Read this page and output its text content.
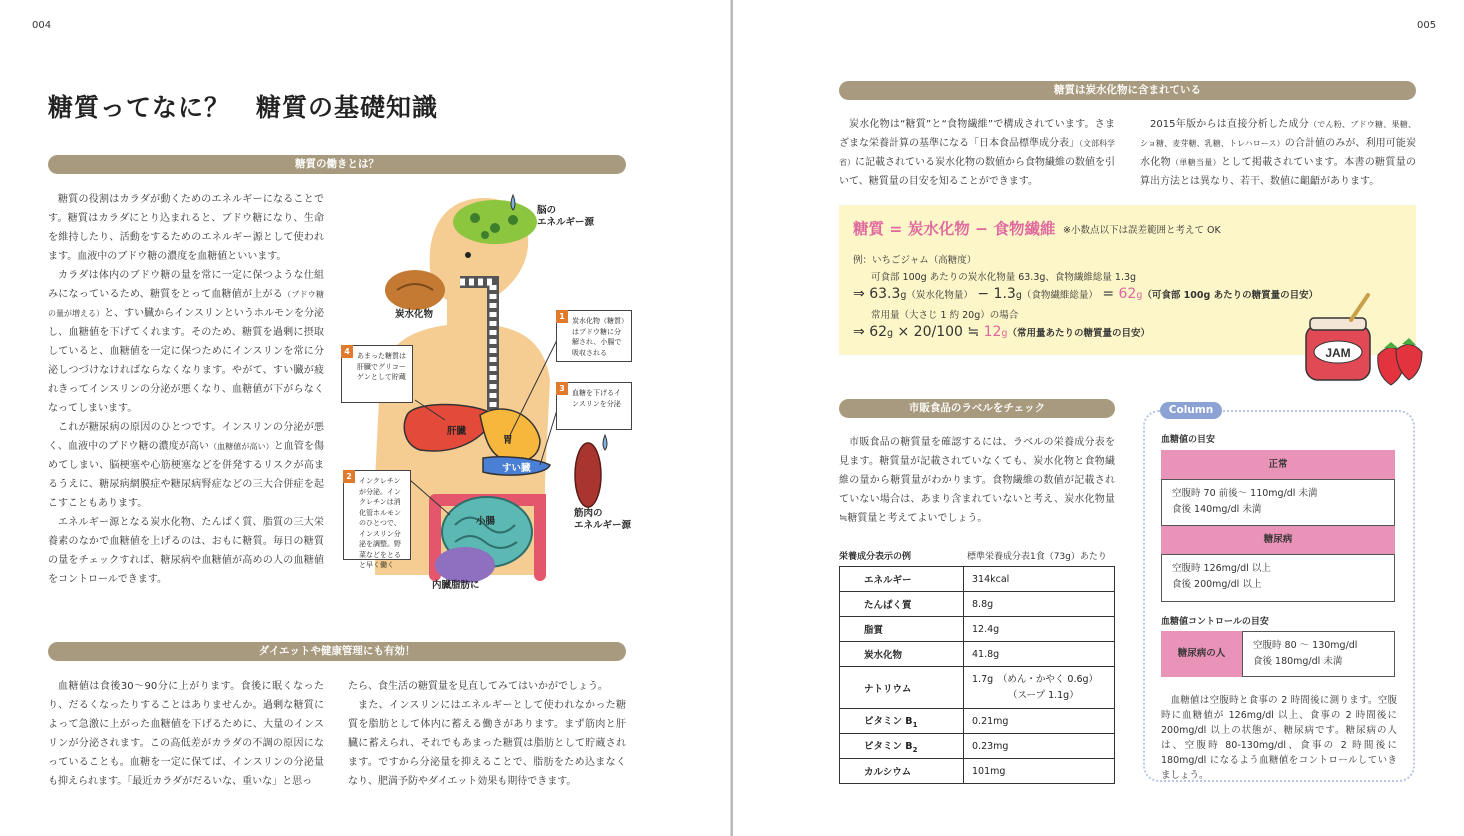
004
糖質ってなに？　糖質の基礎知識
糖質の働きとは？

糖質の役割はカラダが動くためのエネルギーになることです。糖質はカラダにとり込まれると、ブドウ糖になり、生命を維持したり、活動をするためのエネルギー源として使われます。血液中のブドウ糖の濃度を血糖値といいます。

カラダは体内のブドウ糖の量を常に一定に保つような仕組みになっているため、糖質をとって血糖値が上がる（ブドウ糖の量が増える）と、すい臓からインスリンというホルモンを分泌し、血糖値を下げてくれます。そのため、糖質を過剰に摂取していると、血糖値を一定に保つためにインスリンを常に分泌しつづけなければならなくなります。やがて、すい臓が疲れきってインスリンの分泌が悪くなり、血糖値が下がらなくなってしまいます。

これが糖尿病の原因のひとつです。インスリンの分泌が悪く、血液中のブドウ糖の濃度が高い（血糖値が高い）と血管を傷めてしまい、脳梗塞や心筋梗塞などを併発するリスクが高まるうえに、糖尿病網膜症や糖尿病腎症などの三大合併症を起こすこともあります。

エネルギー源となる炭水化物、たんぱく質、脂質の三大栄養素のなかで血糖値を上げるのは、おもに糖質。毎日の糖質の量をチェックすれば、糖尿病や血糖値が高めの人の血糖値をコントロールできます。

脳の
エネルギー源
炭水化物
肝臓
胃
すい臓
小腸
筋肉の
エネルギー源
内臓脂肪に
1	炭水化物（糖質）はブドウ糖に分解され、小腸で吸収される
2	インクレチンが分泌。インクレチンは消化管ホルモンのひとつで、インスリン分泌を調整。野菜などをとると早く働く
3	血糖を下げるインスリンを分泌
4	あまった糖質は肝臓でグリコーゲンとして貯蔵
ダイエットや健康管理にも有効！

血糖値は食後30〜90分に上がります。食後に眠くなったり、だるくなったりすることはありませんか。過剰な糖質によって急激に上がった血糖値を下げるために、大量のインスリンが分泌されます。この高低差がカラダの不調の原因になっていることも。血糖を一定に保てば、インスリンの分泌量も抑えられます。「最近カラダがだるいな、重いな」と思っ

たら、食生活の糖質量を見直してみてはいかがでしょう。

また、インスリンにはエネルギーとして使われなかった糖質を脂肪として体内に蓄える働きがあります。まず筋肉と肝臓に蓄えられ、それでもあまった糖質は脂肪として貯蔵されます。ですから分泌量を抑えることで、脂肪をため込まなくなり、肥満予防やダイエット効果も期待できます。

005
糖質は炭水化物に含まれている

炭水化物は“糖質”と“食物繊維”で構成されています。さまざまな栄養計算の基準になる「日本食品標準成分表」（文部科学省）に記載されている炭水化物の数値から食物繊維の数値を引いて、糖質量の目安を知ることができます。

2015年版からは直接分析した成分（でん粉、ブドウ糖、果糖、ショ糖、麦芽糖、乳糖、トレハロース）の合計値のみが、利用可能炭水化物（単糖当量）として掲載されています。本書の糖質量の算出方法とは異なり、若干、数値に齟齬があります。

糖質 = 炭水化物 − 食物繊維 ※小数点以下は誤差範囲と考えて OK
例：いちごジャム（高糖度）
可食部 100g あたりの炭水化物量 63.3g、食物繊維総量 1.3g
⇒ 63.3g（炭水化物量） − 1.3g（食物繊維総量） = 62g（可食部 100g あたりの糖質量の目安）
常用量（大さじ 1 約 20g）の場合
⇒ 62g × 20/100 ≒ 12g（常用量あたりの糖質量の目安）
JAM
市販食品のラベルをチェック

市販食品の糖質量を確認するには、ラベルの栄養成分表を見ます。糖質量が記載されていなくても、炭水化物と食物繊維の量から糖質量がわかります。食物繊維の数値が記載されていない場合は、あまり含まれていないと考え、炭水化物量≒糖質量と考えてよいでしょう。

栄養成分表示の例	標準栄養成分表1食（73g）あたり
エネルギー	314kcal
たんぱく質	8.8g
脂質	12.4g
炭水化物	41.8g
ナトリウム	1.7g　（めん・かやく 0.6g）
（スープ 1.1g）

ビタミン $B_1$	0.21mg
ビタミン $B_2$	0.23mg
カルシウム	101mg
Column
血糖値の目安
正常
空腹時 70 前後〜 110mg/dl 未満
食後 140mg/dl 未満
糖尿病
空腹時 126mg/dl 以上
食後 200mg/dl 以上
血糖値コントロールの目安
糖尿病の人
空腹時 80 〜 130mg/dl
食後 180mg/dl 未満

血糖値は空腹時と食事の 2 時間後に測ります。空腹時に血糖値が 126mg/dl 以上、食事の 2 時間後に 200mg/dl 以上の状態が、糖尿病です。糖尿病の人は、空腹時 80-130mg/dl、食事の 2 時間後に 180mg/dl になるよう血糖値をコントロールしていきましょう。
